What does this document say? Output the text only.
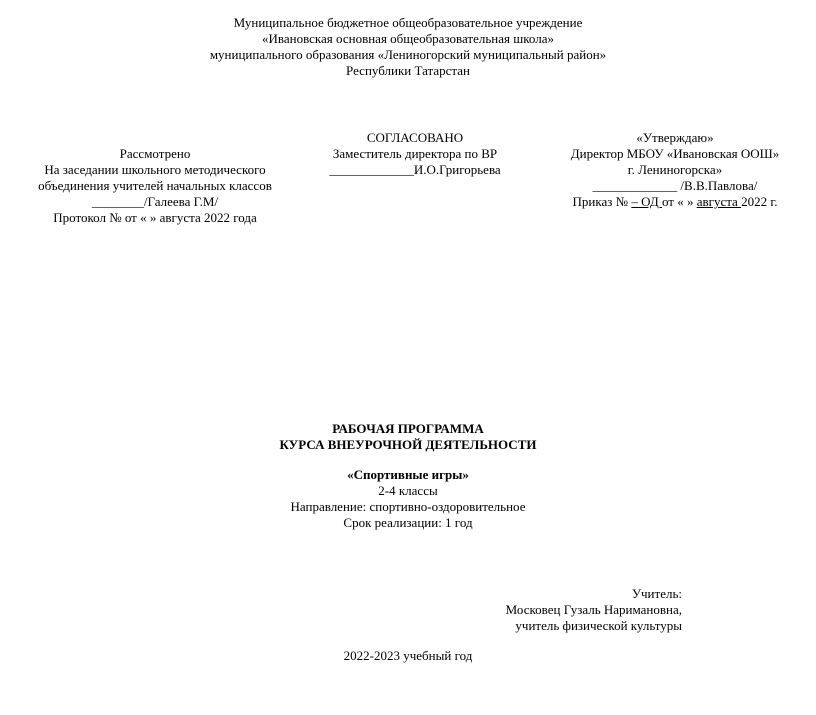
Муниципальное бюджетное общеобразовательное учреждение
«Ивановская основная общеобразовательная школа»
муниципального образования «Лениногорский муниципальный район»
Республики Татарстан
Рассмотрено
На заседании школьного методического
объединения учителей начальных классов
________/Галеева Г.М/
Протокол № от « » августа 2022 года
СОГЛАСОВАНО
Заместитель директора по ВР
_____________И.О.Григорьева
«Утверждаю»
Директор МБОУ «Ивановская ООШ»
г. Лениногорска»
_____________ /В.В.Павлова/
Приказ № – ОД от « » августа 2022 г.
РАБОЧАЯ ПРОГРАММА
КУРСА ВНЕУРОЧНОЙ ДЕЯТЕЛЬНОСТИ
«Спортивные игры»
2-4 классы
Направление: спортивно-оздоровительное
Срок реализации: 1 год
Учитель:
Московец Гузаль Наримановна,
учитель физической культуры
2022-2023 учебный год
